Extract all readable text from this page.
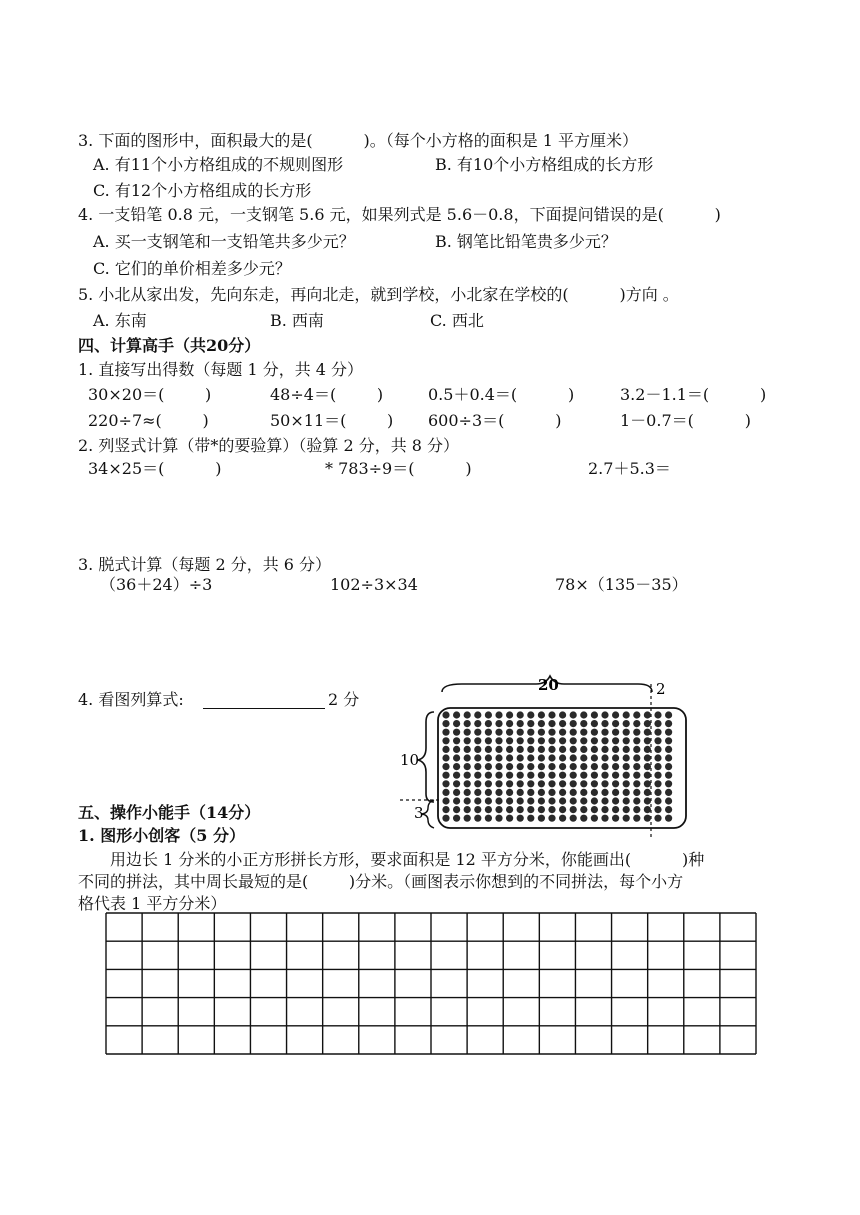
3. 下面的图形中，面积最大的是(          )。（每个小方格的面积是 1 平方厘米）
A. 有11个小方格组成的不规则图形	B. 有10个小方格组成的长方形
C. 有12个小方格组成的长方形
4. 一支铅笔 0.8 元，一支钢笔 5.6 元，如果列式是 5.6－0.8，下面提问错误的是(          )
A. 买一支钢笔和一支铅笔共多少元？	B. 钢笔比铅笔贵多少元？
C. 它们的单价相差多少元？
5. 小北从家出发，先向东走，再向北走，就到学校，小北家在学校的(          )方向 。
A. 东南	B. 西南	C. 西北
四、计算高手（共20分）
1. 直接写出得数（每题 1 分，共 4 分）
30×20＝(        )	48÷4＝(        )	0.5＋0.4＝(          )	3.2－1.1＝(          )
220÷7≈(        )	50×11＝(        ) 600÷3＝(          )	1－0.7＝(          )
2. 列竖式计算（带*的要验算）（验算 2 分，共 8 分）
34×25＝(          )	* 783÷9＝(          )	2.7＋5.3＝
3. 脱式计算（每题 2 分，共 6 分）
（36＋24）÷3	102÷3×34	78×（135－35）
4. 看图列算式:	2 分
20	2
10
3
五、操作小能手（14分）
1. 图形小创客（5 分）
用边长 1 分米的小正方形拼长方形，要求面积是 12 平方分米，你能画出(          )种
不同的拼法，其中周长最短的是(        )分米。（画图表示你想到的不同拼法，每个小方
格代表 1 平方分米）
